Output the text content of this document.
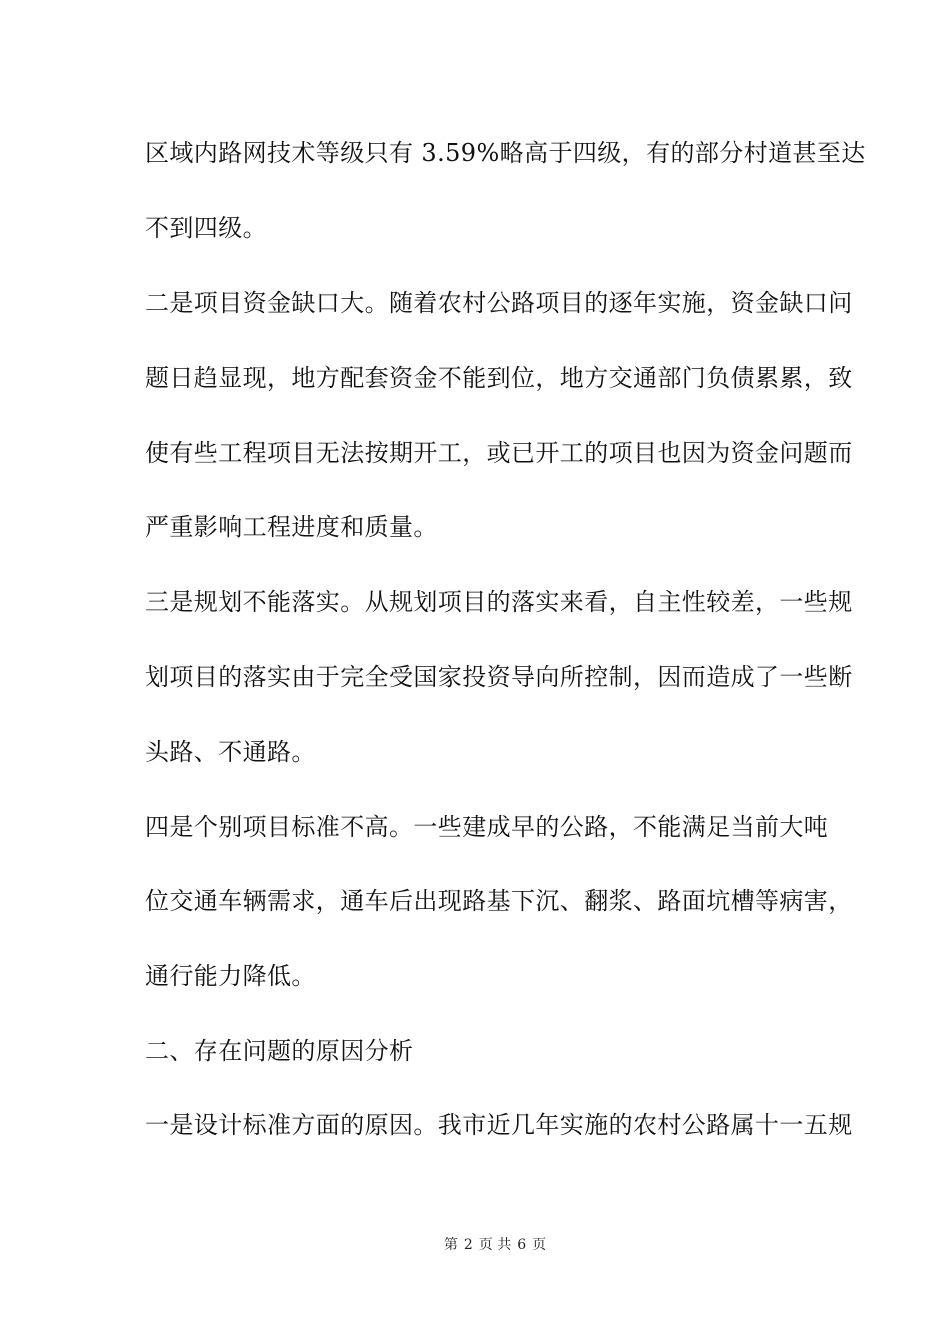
区域内路网技术等级只有 3.59%略高于四级，有的部分村道甚至达
不到四级。
二是项目资金缺口大。随着农村公路项目的逐年实施，资金缺口问
题日趋显现，地方配套资金不能到位，地方交通部门负债累累，致
使有些工程项目无法按期开工，或已开工的项目也因为资金问题而
严重影响工程进度和质量。
三是规划不能落实。从规划项目的落实来看，自主性较差，一些规
划项目的落实由于完全受国家投资导向所控制，因而造成了一些断
头路、不通路。
四是个别项目标准不高。一些建成早的公路，不能满足当前大吨
位交通车辆需求，通车后出现路基下沉、翻浆、路面坑槽等病害，
通行能力降低。
二、存在问题的原因分析
一是设计标准方面的原因。我市近几年实施的农村公路属十一五规
第 2 页 共 6 页
